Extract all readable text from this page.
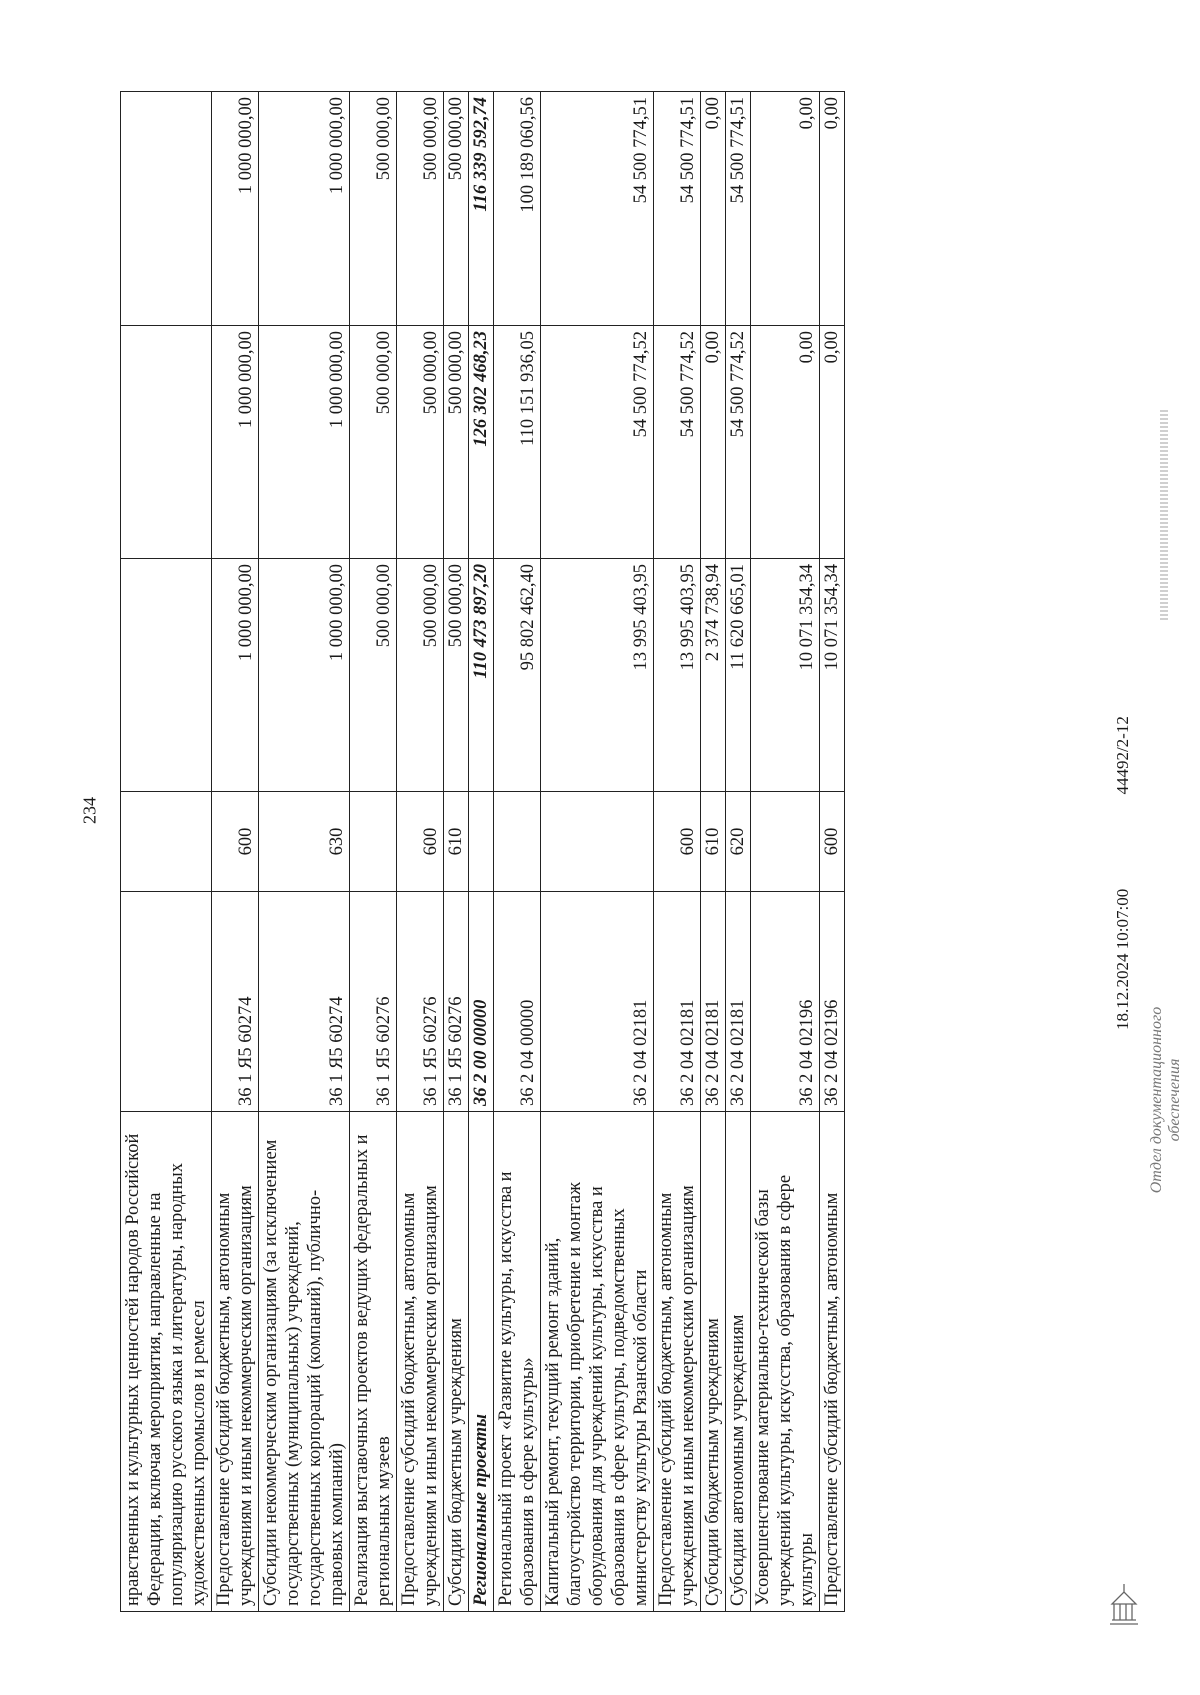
234
нравственных и культурных ценностей народов Российской Федерации, включая мероприятия, направленные на популяризацию русского языка и литературы, народных художественных промыслов и ремесел					
Предоставление субсидий бюджетным, автономным учреждениям и иным некоммерческим организациям	36 1 Я5 60274	600	1 000 000,00	1 000 000,00	1 000 000,00
Субсидии некоммерческим организациям (за исключением государственных (муниципальных) учреждений, государственных корпораций (компаний), публично-правовых компаний)	36 1 Я5 60274	630	1 000 000,00	1 000 000,00	1 000 000,00
Реализация выставочных проектов ведущих федеральных и региональных музеев	36 1 Я5 60276		500 000,00	500 000,00	500 000,00
Предоставление субсидий бюджетным, автономным учреждениям и иным некоммерческим организациям	36 1 Я5 60276	600	500 000,00	500 000,00	500 000,00
Субсидии бюджетным учреждениям	36 1 Я5 60276	610	500 000,00	500 000,00	500 000,00
Региональные проекты	36 2 00 00000		110 473 897,20	126 302 468,23	116 339 592,74
Региональный проект «Развитие культуры, искусства и образования в сфере культуры»	36 2 04 00000		95 802 462,40	110 151 936,05	100 189 060,56
Капитальный ремонт, текущий ремонт зданий, благоустройство территории, приобретение и монтаж оборудования для учреждений культуры, искусства и образования в сфере культуры, подведомственных министерству культуры Рязанской области	36 2 04 02181		13 995 403,95	54 500 774,52	54 500 774,51
Предоставление субсидий бюджетным, автономным учреждениям и иным некоммерческим организациям	36 2 04 02181	600	13 995 403,95	54 500 774,52	54 500 774,51
Субсидии бюджетным учреждениям	36 2 04 02181	610	2 374 738,94	0,00	0,00
Субсидии автономным учреждениям	36 2 04 02181	620	11 620 665,01	54 500 774,52	54 500 774,51
Усовершенствование материально-технической базы учреждений культуры, искусства, образования в сфере культуры	36 2 04 02196		10 071 354,34	0,00	0,00
Предоставление субсидий бюджетным, автономным	36 2 04 02196	600	10 071 354,34	0,00	0,00
18.12.2024 10:07:00 44492/2-12
Отдел документационного обеспечения
